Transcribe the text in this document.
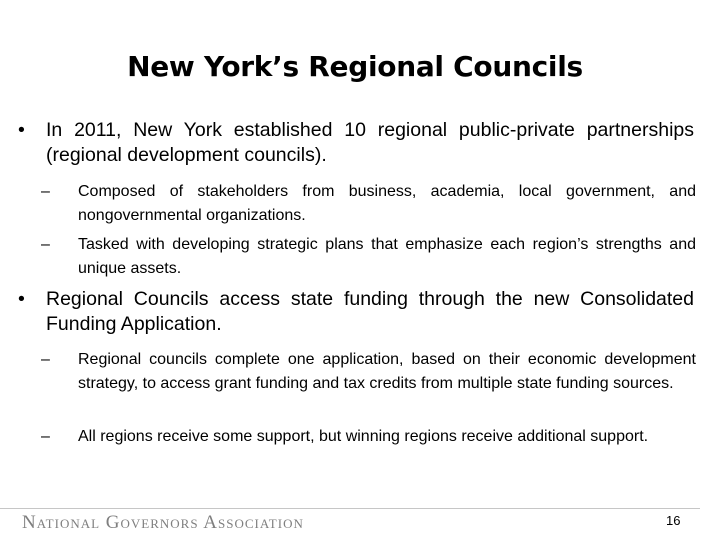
New York’s Regional Councils

• In 2011, New York established 10 regional public-private partnerships (regional development councils).

– Composed of stakeholders from business, academia, local government, and nongovernmental organizations.

– Tasked with developing strategic plans that emphasize each region’s strengths and unique assets.

• Regional Councils access state funding through the new Consolidated Funding Application.

– Regional councils complete one application, based on their economic development strategy, to access grant funding and tax credits from multiple state funding sources.

– All regions receive some support, but winning regions receive additional support.

National Governors Association	16
